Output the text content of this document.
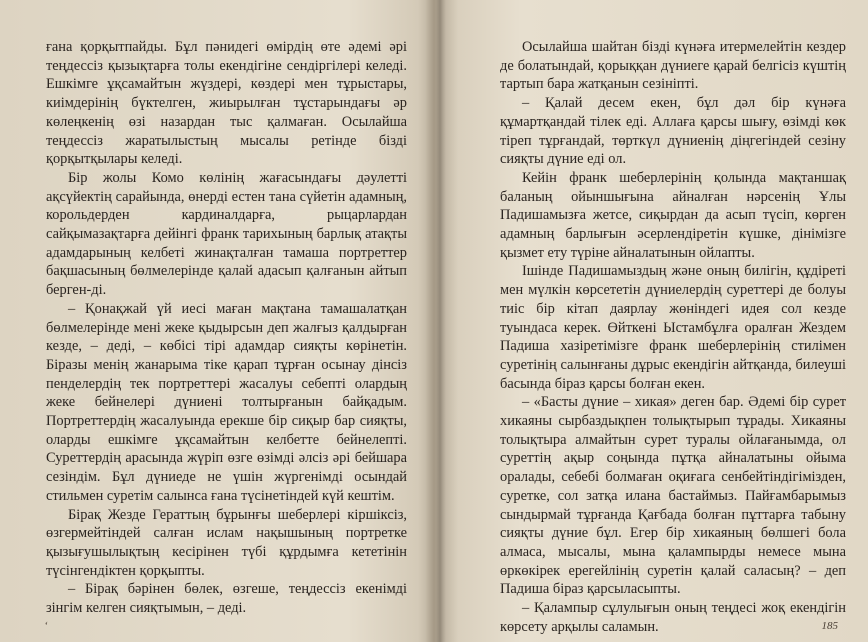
ғана қорқытпайды. Бұл пәнидегі өмірдің өте әдемі әрі теңдессіз қызықтарға толы екендігіне сендіргілері келеді. Ешкімге ұқсамайтын жүздері, көздері мен тұрыстары, киімдерінің бүктелген, жиырылған тұстарындағы әр көлеңкенің өзі назардан тыс қалмаған. Осылайша теңдессіз жаратылыстың мысалы ретінде бізді қорқытқылары келеді.

Бір жолы Комо көлінің жағасындағы дәулетті ақсүйектің сарайында, өнерді естен тана сүйетін адамның, корольдерден кардиналдарға, рыцарлардан сайқымазақтарға дейінгі франк тарихының барлық атақты адамдарының келбеті жинақталған тамаша портреттер бақшасының бөлмелерінде қалай адасып қалғанын айтып берген-ді.

– Қонақжай үй иесі маған мақтана тамашалатқан бөлмелерінде мені жеке қыдырсын деп жалғыз қалдырған кезде, – деді, – көбісі тірі адамдар сияқты көрінетін. Біразы менің жанарыма тіке қарап тұрған осынау дінсіз пенделердің тек портреттері жасалуы себепті олардың жеке бейнелері дүниені толтырғанын байқадым. Портреттердің жасалуында ерекше бір сиқыр бар сияқты, оларды ешкімге ұқсамайтын келбетте бейнелепті. Суреттердің арасында жүріп өзге өзімді әлсіз әрі бейшара сезіндім. Бұл дүниеде не үшін жүргенімді осындай стильмен суретім салынса ғана түсінетіндей күй кештім.

Бірақ Жезде Гераттың бұрынғы шеберлері кіршіксіз, өзгермейтіндей салған ислам нақышының портретке қызығушылықтың кесірінен түбі құрдымға кететінін түсінгендіктен қорқыпты.

– Бірақ бәрінен бөлек, өзгеше, теңдессіз екенімді зінгім келген сияқтымын, – деді.

Осылайша шайтан бізді күнәға итермелейтін кездер де болатындай, қорыққан дүниеге қарай белгісіз күштің тартып бара жатқанын сезініпті.

– Қалай десем екен, бұл дәл бір күнәға құмартқандай тілек еді. Аллаға қарсы шығу, өзімді көк тіреп тұрғандай, төрткүл дүниенің діңгегіндей сезіну сияқты дүние еді ол.

Кейін франк шеберлерінің қолында мақтаншақ баланың ойыншығына айналған нәрсенің Ұлы Падишамызға жетсе, сиқырдан да асып түсіп, көрген адамның барлығын әсерлендіретін күшке, дінімізге қызмет ету түріне айналатынын ойлапты.

Ішінде Падишамыздың және оның билігін, құдіреті мен мүлкін көрсететін дүниелердің суреттері де болуы тиіс бір кітап даярлау жөніндегі идея сол кезде туындаса керек. Өйткені Ыстамбұлға оралған Жездем Падиша хазіретімізге франк шеберлерінің стилімен суретінің салынғаны дұрыс екендігін айтқанда, билеуші басында біраз қарсы болған екен.

– «Басты дүние – хикая» деген бар. Әдемі бір сурет хикаяны сырбаздықпен толықтырып тұрады. Хикаяны толықтыра алмайтын сурет туралы ойлағанымда, ол суреттің ақыр соңында пұтқа айналатыны ойыма оралады, себебі болмаған оқиғага сенбейтіндігімізден, суретке, сол затқа илана бастаймыз. Пайғамбарымыз сындырмай тұрғанда Қағбада болған пұттарға табыну сияқты дүние бұл. Егер бір хикаяның бөлшегі бола алмаса, мысалы, мына қалампырды немесе мына өркөкірек ерегейлінің суретін қалай саласың? – деп Падиша біраз қарсыласыпты.

– Қалампыр сұлулығын оның теңдесі жоқ екендігін көрсету арқылы саламын.

ʻ	185
